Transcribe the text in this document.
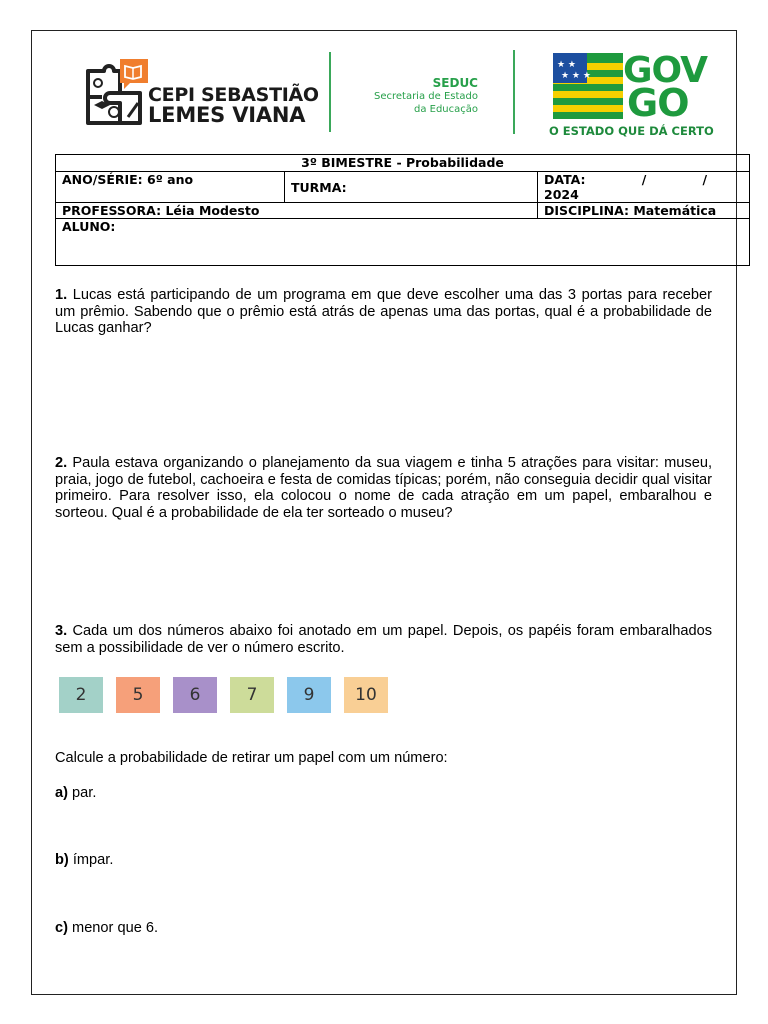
CEPI SEBASTIÃO
LEMES VIANA
SEDUC
Secretaria de Estado
da Educação
★ ★
★ ★ ★ GOV
GO
O ESTADO QUE DÁ CERTO
3º BIMESTRE - Probabilidade		
ANO/SÉRIE: 6º ano	TURMA:	DATA: / /
2024

PROFESSORA: Léia Modesto		DISCIPLINA: Matemática
ALUNO:		
1. Lucas está participando de um programa em que deve escolher uma das 3 portas para receber um prêmio. Sabendo que o prêmio está atrás de apenas uma das portas, qual é a probabilidade de Lucas ganhar?
2. Paula estava organizando o planejamento da sua viagem e tinha 5 atrações para visitar: museu, praia, jogo de futebol, cachoeira e festa de comidas típicas; porém, não conseguia decidir qual visitar primeiro. Para resolver isso, ela colocou o nome de cada atração em um papel, embaralhou e sorteou. Qual é a probabilidade de ela ter sorteado o museu?
3. Cada um dos números abaixo foi anotado em um papel. Depois, os papéis foram embaralhados sem a possibilidade de ver o número escrito.
2	5	6	7	9	10
Calcule a probabilidade de retirar um papel com um número:
a) par.
b) ímpar.
c) menor que 6.
